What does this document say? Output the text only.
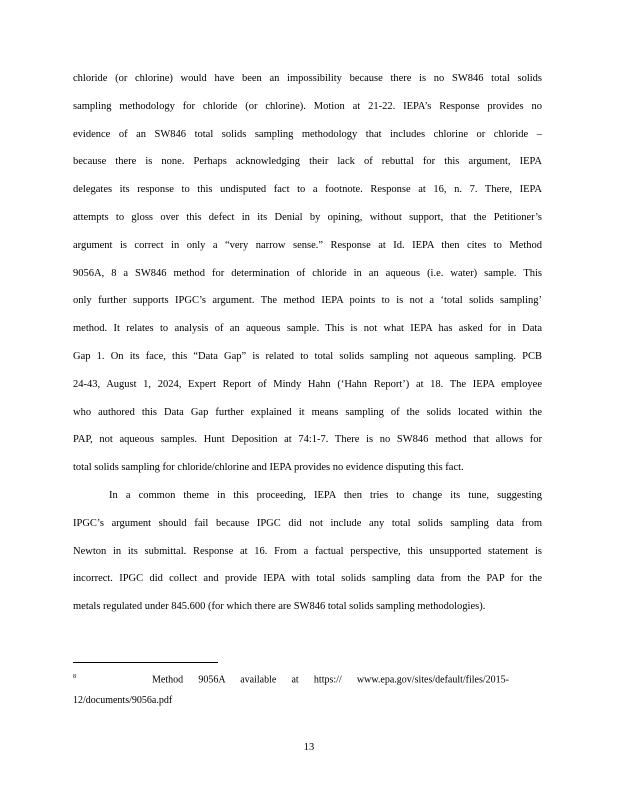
chloride (or chlorine) would have been an impossibility because there is no SW846 total solids
sampling methodology for chloride (or chlorine). Motion at 21-22. IEPA’s Response provides no
evidence of an SW846 total solids sampling methodology that includes chlorine or chloride –
because there is none. Perhaps acknowledging their lack of rebuttal for this argument, IEPA
delegates its response to this undisputed fact to a footnote. Response at 16, n. 7. There, IEPA
attempts to gloss over this defect in its Denial by opining, without support, that the Petitioner’s
argument is correct in only a “very narrow sense.” Response at Id. IEPA then cites to Method
9056A, 8 a SW846 method for determination of chloride in an aqueous (i.e. water) sample. This
only further supports IPGC’s argument. The method IEPA points to is not a ‘total solids sampling’
method. It relates to analysis of an aqueous sample. This is not what IEPA has asked for in Data
Gap 1. On its face, this “Data Gap” is related to total solids sampling not aqueous sampling. PCB
24-43, August 1, 2024, Expert Report of Mindy Hahn (‘Hahn Report’) at 18. The IEPA employee
who authored this Data Gap further explained it means sampling of the solids located within the
PAP, not aqueous samples. Hunt Deposition at 74:1-7. There is no SW846 method that allows for
total solids sampling for chloride/chlorine and IEPA provides no evidence disputing this fact.
In a common theme in this proceeding, IEPA then tries to change its tune, suggesting
IPGC’s argument should fail because IPGC did not include any total solids sampling data from
Newton in its submittal. Response at 16. From a factual perspective, this unsupported statement is
incorrect. IPGC did collect and provide IEPA with total solids sampling data from the PAP for the
metals regulated under 845.600 (for which there are SW846 total solids sampling methodologies).
$^8$	Method 9056A available at https:// www.epa.gov/sites/default/files/2015-
12/documents/9056a.pdf
13
